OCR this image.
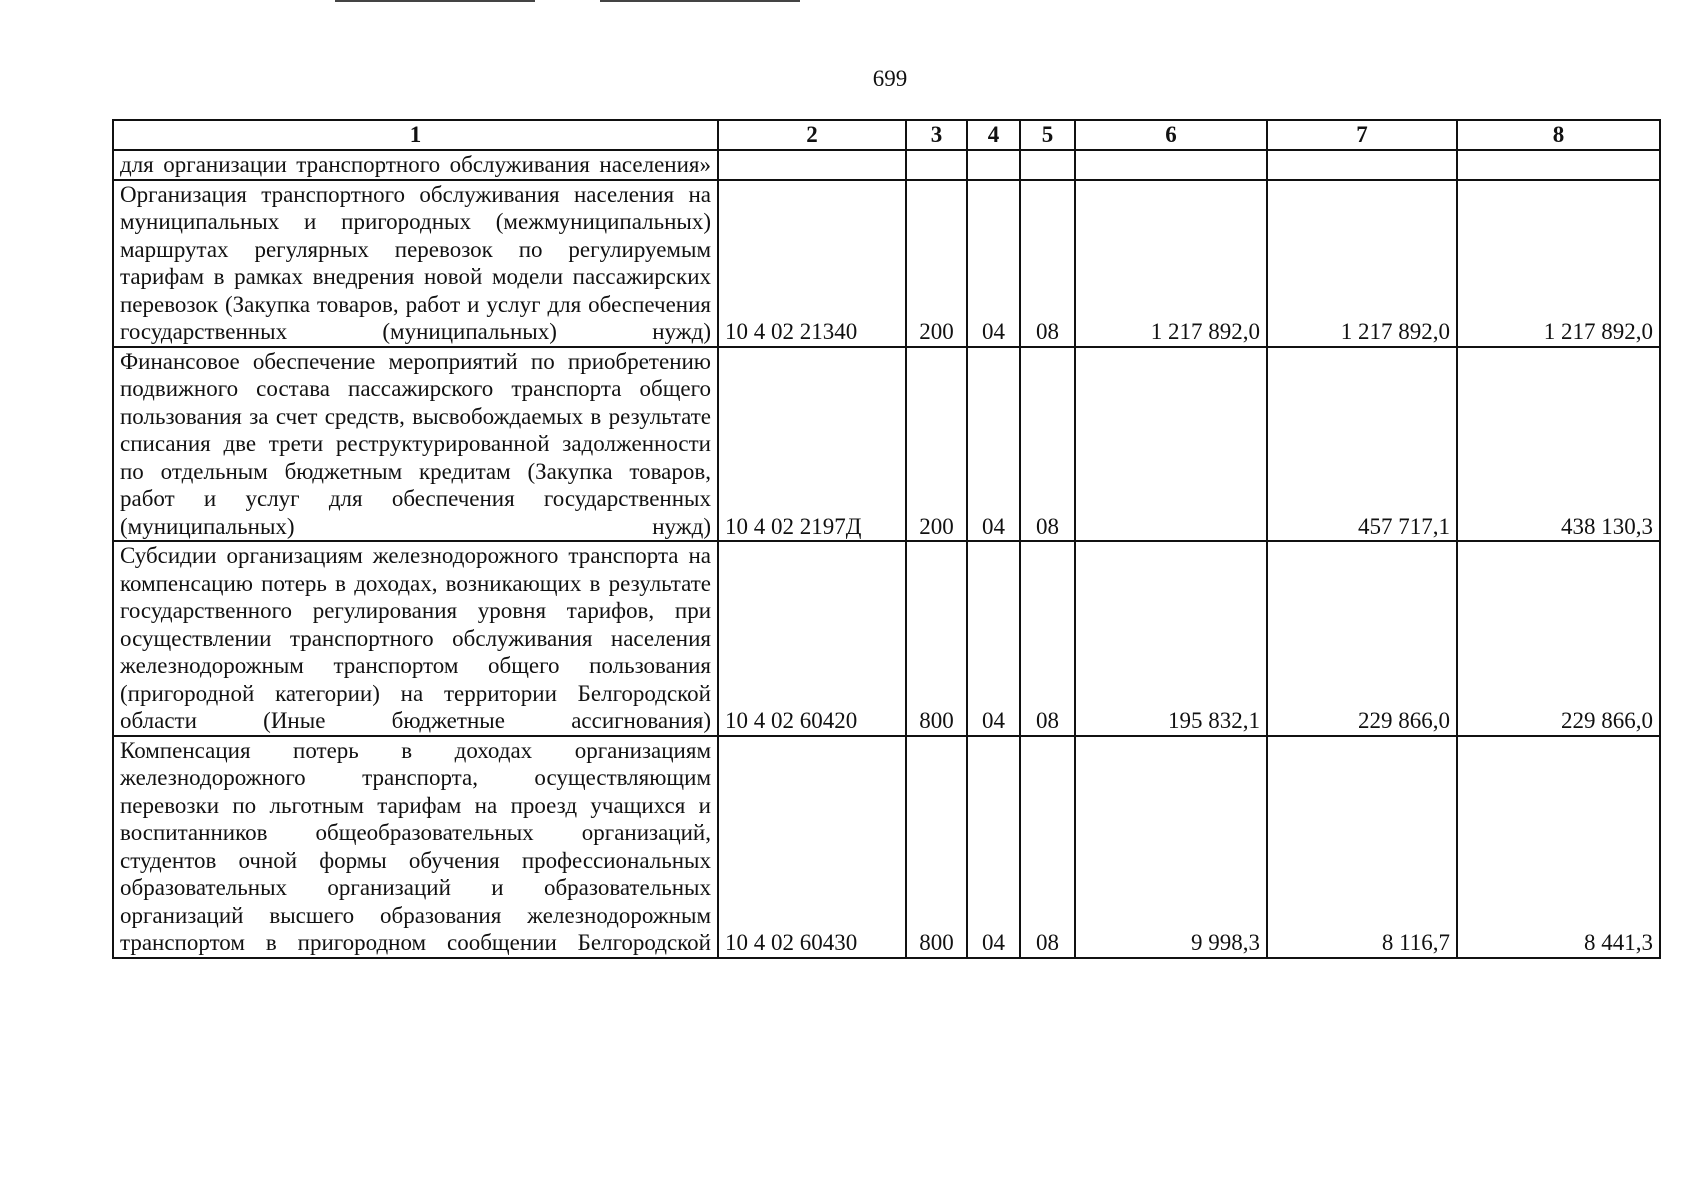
699
1	2	3	4	5	6	7	8
для организации транспортного обслуживания населения»							
Организация транспортного обслуживания населения на муниципальных и пригородных (межмуниципальных) маршрутах регулярных перевозок по регулируемым тарифам в рамках внедрения новой модели пассажирских перевозок (Закупка товаров, работ и услуг для обеспечения государственных (муниципальных) нужд)	10 4 02 21340	200	04	08	1 217 892,0	1 217 892,0	1 217 892,0
Финансовое обеспечение мероприятий по приобретению подвижного состава пассажирского транспорта общего пользования за счет средств, высвобождаемых в результате списания две трети реструктурированной задолженности по отдельным бюджетным кредитам (Закупка товаров, работ и услуг для обеспечения государственных (муниципальных) нужд)	10 4 02 2197Д	200	04	08		457 717,1	438 130,3
Субсидии организациям железнодорожного транспорта на компенсацию потерь в доходах, возникающих в результате государственного регулирования уровня тарифов, при осуществлении транспортного обслуживания населения железнодорожным транспортом общего пользования (пригородной категории) на территории Белгородской области (Иные бюджетные ассигнования)	10 4 02 60420	800	04	08	195 832,1	229 866,0	229 866,0
Компенсация потерь в доходах организациям железнодорожного транспорта, осуществляющим перевозки по льготным тарифам на проезд учащихся и воспитанников общеобразовательных организаций, студентов очной формы обучения профессиональных образовательных организаций и образовательных организаций высшего образования железнодорожным транспортом в пригородном сообщении Белгородской	10 4 02 60430	800	04	08	9 998,3	8 116,7	8 441,3
